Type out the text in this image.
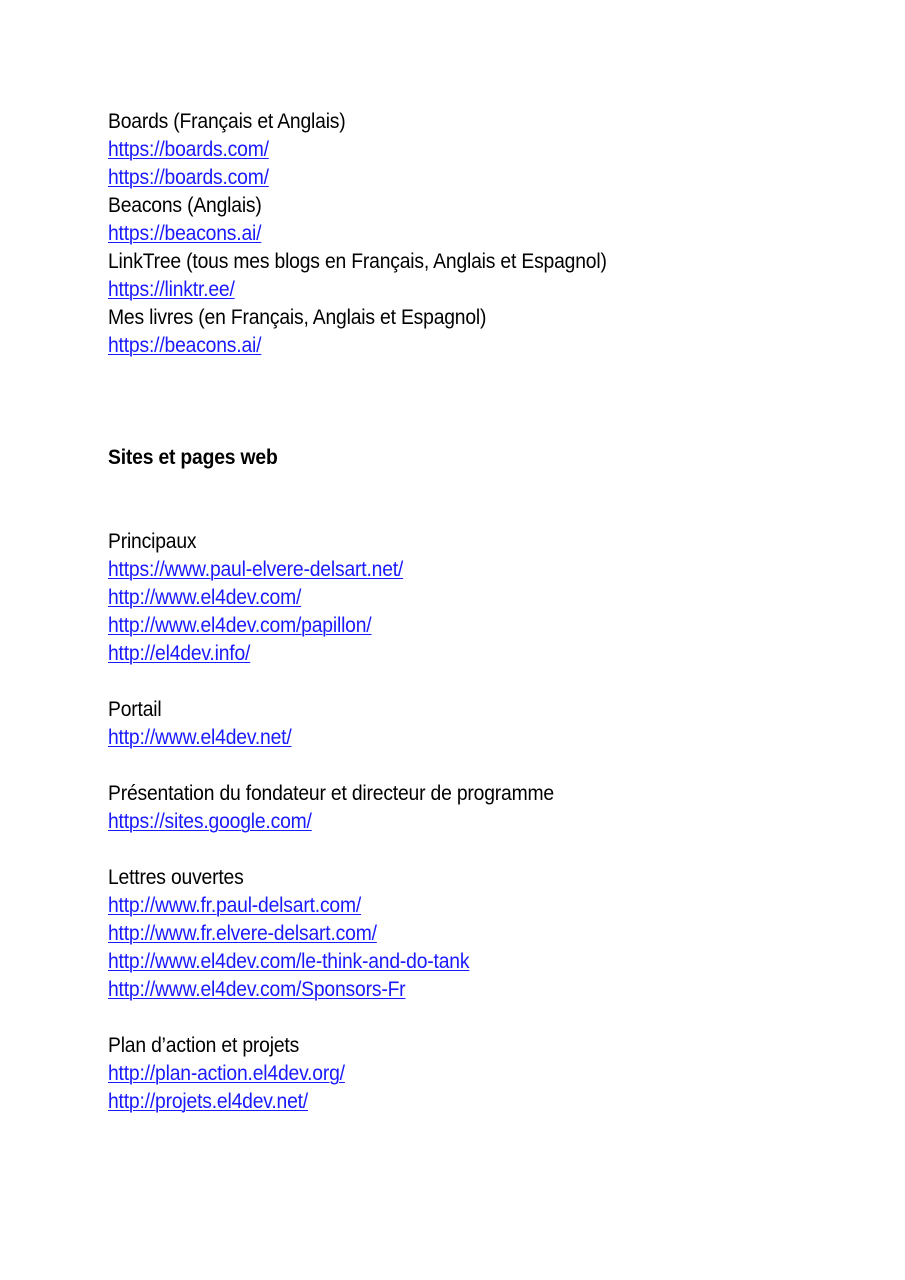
Boards (Français et Anglais)
https://boards.com/
https://boards.com/
Beacons (Anglais)
https://beacons.ai/
LinkTree (tous mes blogs en Français, Anglais et Espagnol)
https://linktr.ee/
Mes livres (en Français, Anglais et Espagnol)
https://beacons.ai/
Sites et pages web
Principaux
https://www.paul-elvere-delsart.net/
http://www.el4dev.com/
http://www.el4dev.com/papillon/
http://el4dev.info/
Portail
http://www.el4dev.net/
Présentation du fondateur et directeur de programme
https://sites.google.com/
Lettres ouvertes
http://www.fr.paul-delsart.com/
http://www.fr.elvere-delsart.com/
http://www.el4dev.com/le-think-and-do-tank
http://www.el4dev.com/Sponsors-Fr
Plan d’action et projets
http://plan-action.el4dev.org/
http://projets.el4dev.net/
